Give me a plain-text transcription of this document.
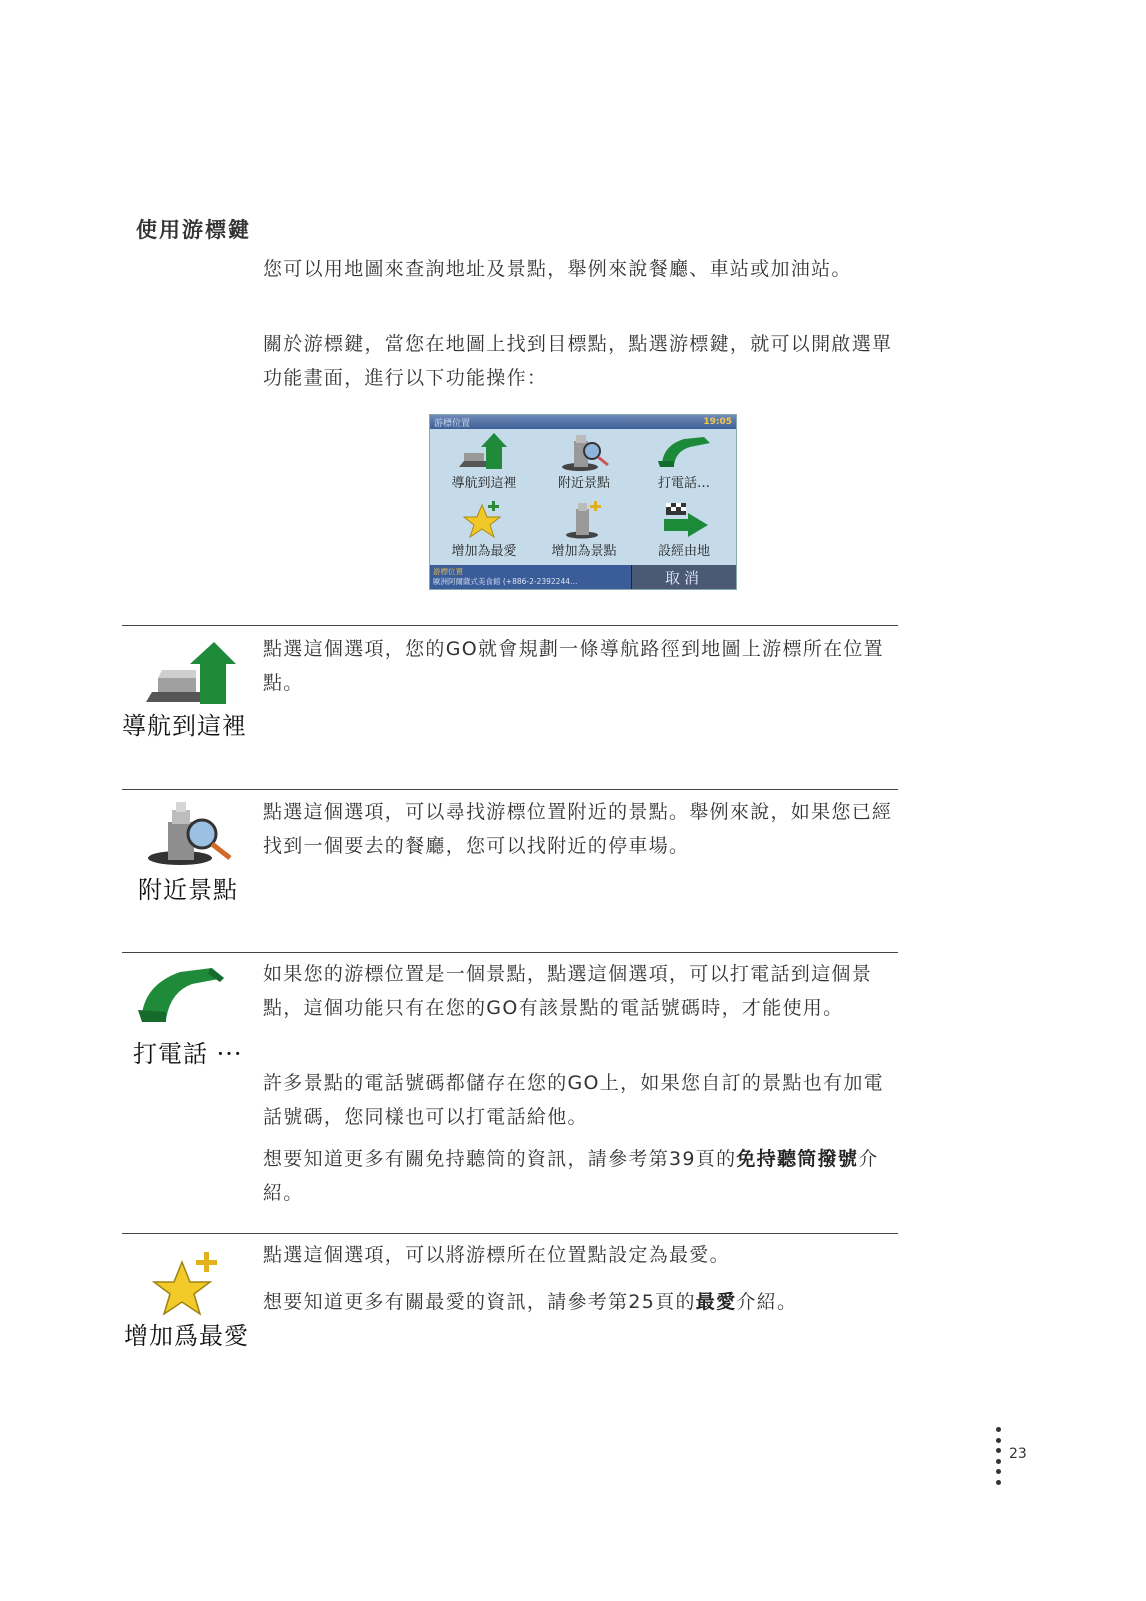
使用游標鍵

您可以用地圖來查詢地址及景點，舉例來說餐廳、車站或加油站。

關於游標鍵，當您在地圖上找到目標點，點選游標鍵，就可以開啟選單功能畫面，進行以下功能操作：

游標位置	19:05
導航到這裡	附近景點	打電話…
增加為最愛	增加為景點	設經由地
游標位置
歐洲阿爾薩式美食館 (+886-2-2392244…	取消
導航到這裡

點選這個選項，您的GO就會規劃一條導航路徑到地圖上游標所在位置點。

附近景點

點選這個選項，可以尋找游標位置附近的景點。舉例來說，如果您已經找到一個要去的餐廳，您可以找附近的停車場。

打電話 ···

如果您的游標位置是一個景點，點選這個選項，可以打電話到這個景點，這個功能只有在您的GO有該景點的電話號碼時，才能使用。

許多景點的電話號碼都儲存在您的GO上，如果您自訂的景點也有加電話號碼，您同樣也可以打電話給他。

想要知道更多有關免持聽筒的資訊，請參考第39頁的免持聽筒撥號介紹。

增加爲最愛

點選這個選項，可以將游標所在位置點設定為最愛。

想要知道更多有關最愛的資訊，請參考第25頁的最愛介紹。

23
